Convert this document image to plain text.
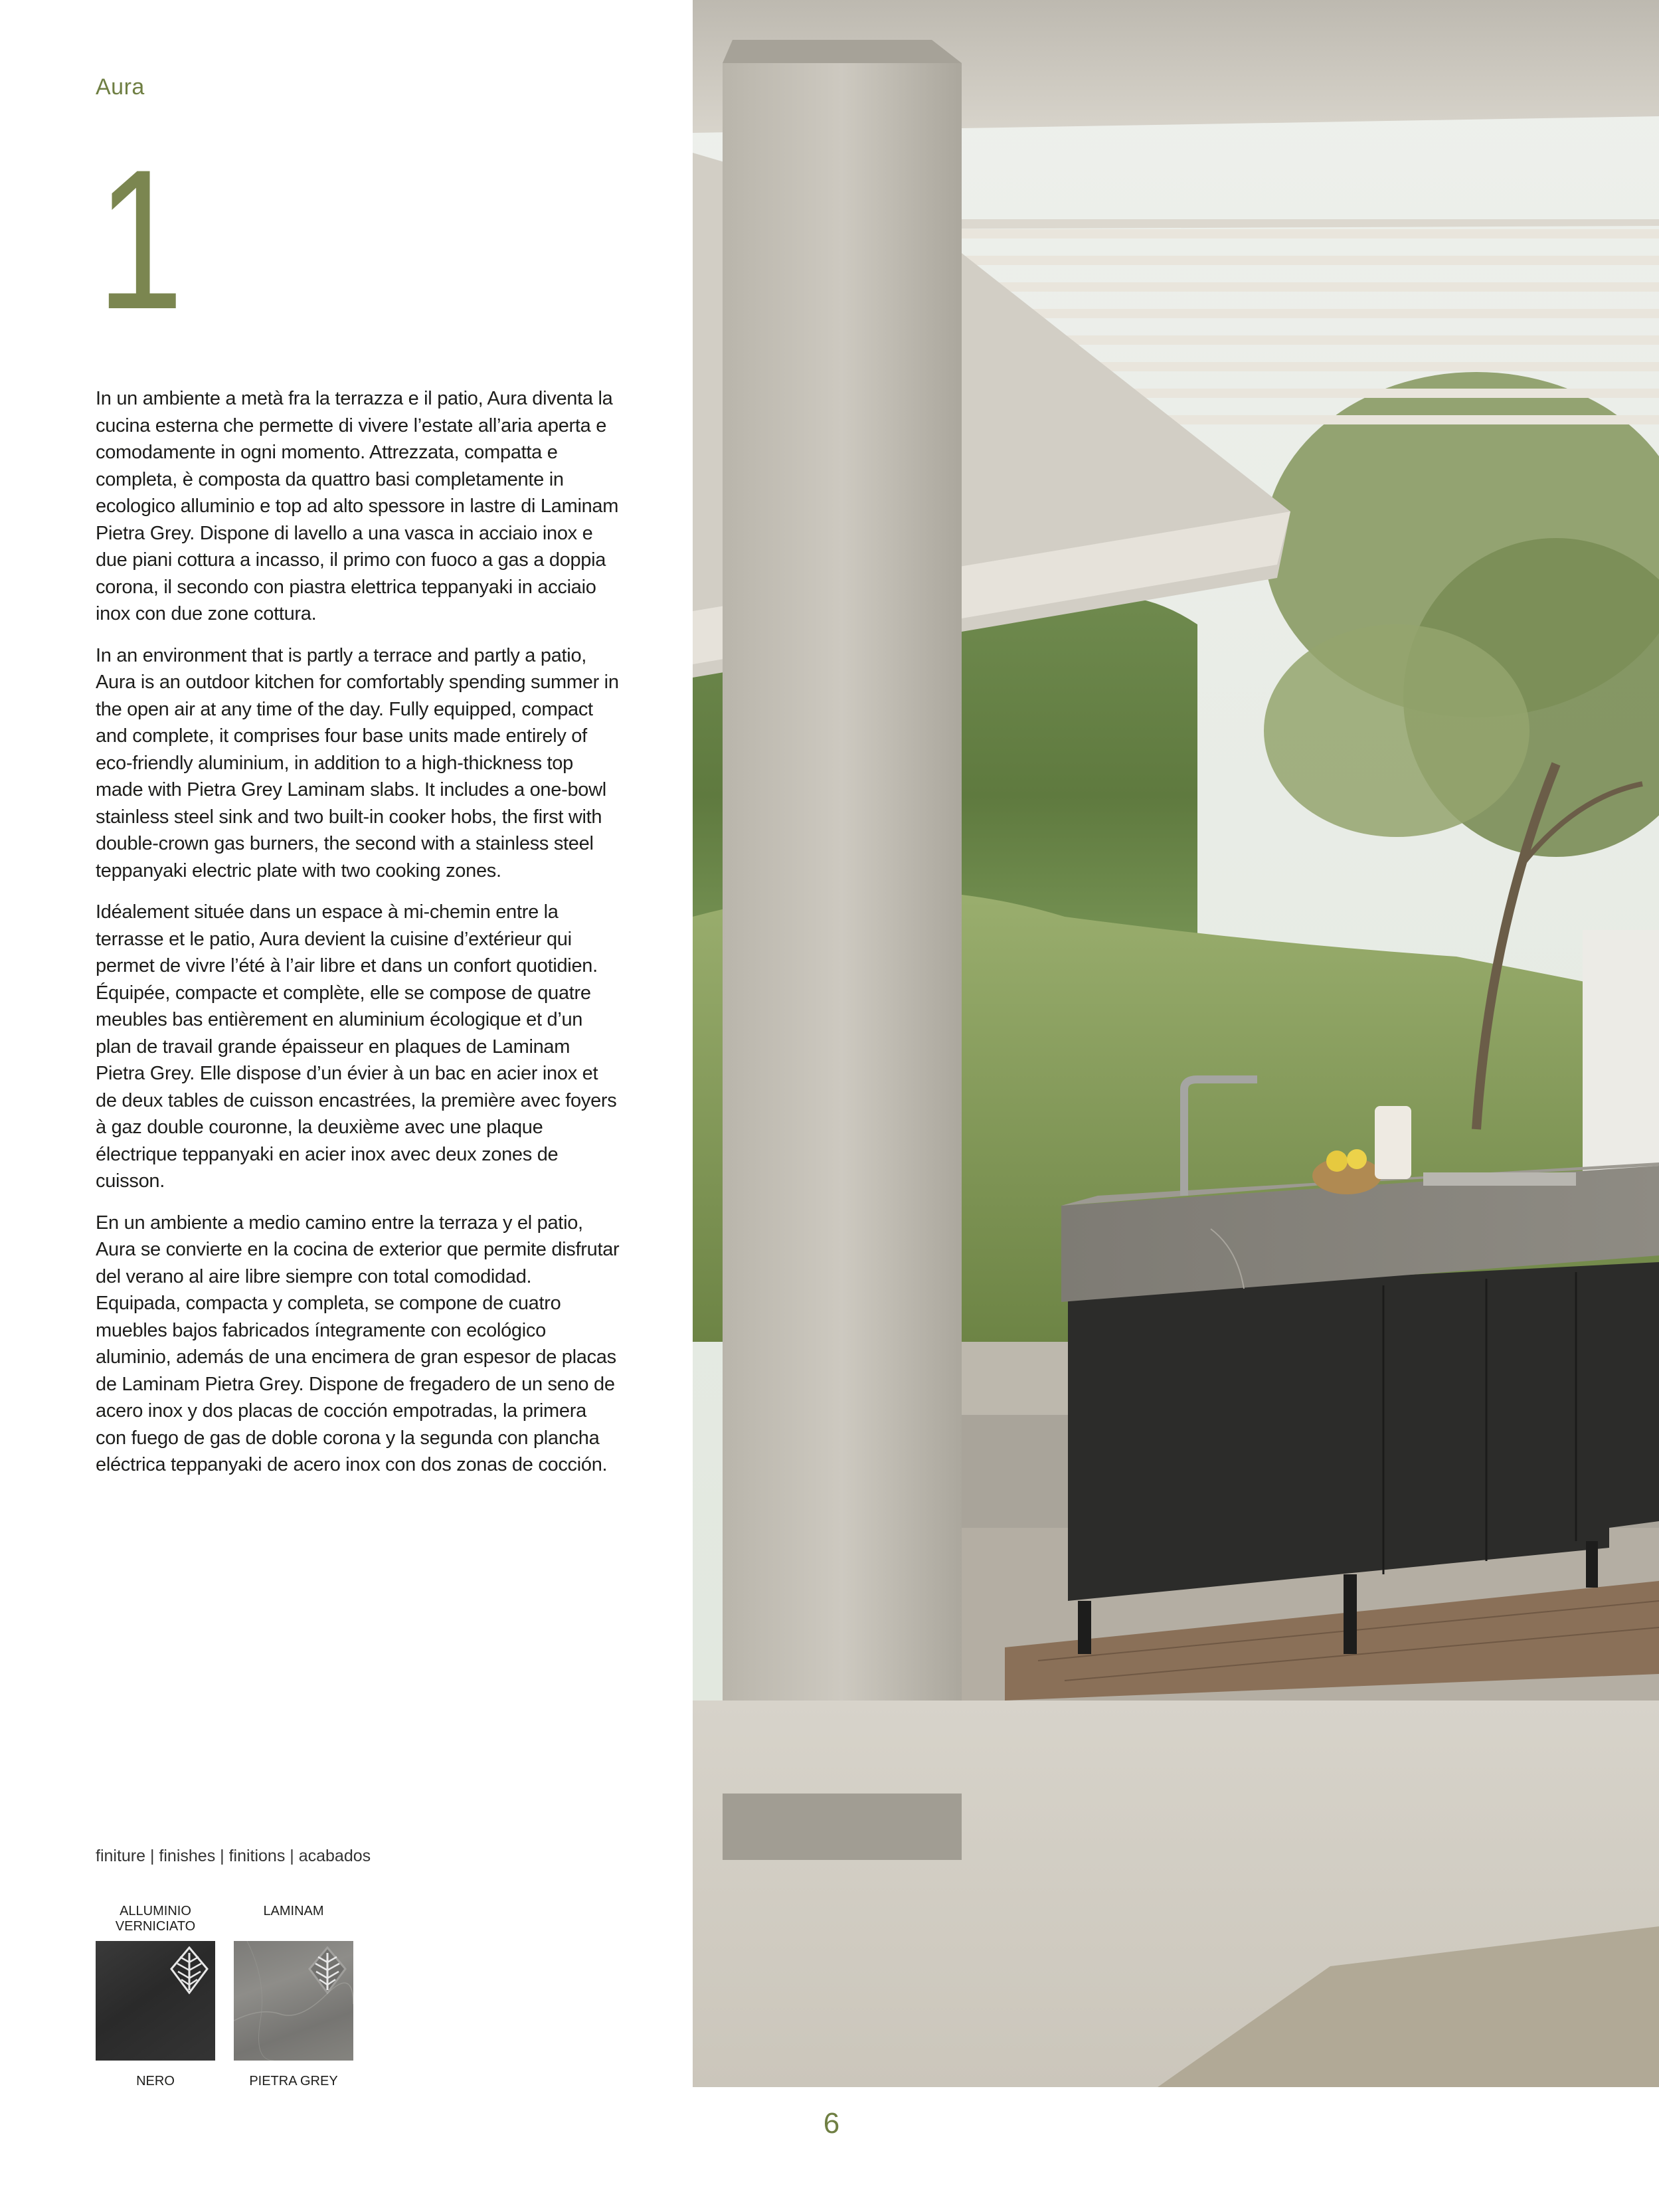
Aura
1

In un ambiente a metà fra la terrazza e il patio, Aura diventa la cucina esterna che permette di vivere l’estate all’aria aperta e comodamente in ogni momento. Attrezzata, compatta e completa, è composta da quattro basi completamente in ecologico alluminio e top ad alto spessore in lastre di Laminam Pietra Grey. Dispone di lavello a una vasca in acciaio inox e due piani cottura a incasso, il primo con fuoco a gas a doppia corona, il secondo con piastra elettrica teppanyaki in acciaio inox con due zone cottura.

In an environment that is partly a terrace and partly a patio, Aura is an outdoor kitchen for comfortably spending summer in the open air at any time of the day. Fully equipped, compact and complete, it comprises four base units made entirely of eco-friendly aluminium, in addition to a high-thickness top made with Pietra Grey Laminam slabs. It includes a one-bowl stainless steel sink and two built-in cooker hobs, the first with double-crown gas burners, the second with a stainless steel teppanyaki electric plate with two cooking zones.

Idéalement située dans un espace à mi-chemin entre la terrasse et le patio, Aura devient la cuisine d’extérieur qui permet de vivre l’été à l’air libre et dans un confort quotidien. Équipée, compacte et complète, elle se compose de quatre meubles bas entièrement en aluminium écologique et d’un plan de travail grande épaisseur en plaques de Laminam Pietra Grey. Elle dispose d’un évier à un bac en acier inox et de deux tables de cuisson encastrées, la première avec foyers à gaz double couronne, la deuxième avec une plaque électrique teppanyaki en acier inox avec deux zones de cuisson.

En un ambiente a medio camino entre la terraza y el patio, Aura se convierte en la cocina de exterior que permite disfrutar del verano al aire libre siempre con total comodidad. Equipada, compacta y completa, se compone de cuatro muebles bajos fabricados íntegramente con ecológico aluminio, además de una encimera de gran espesor de placas de Laminam Pietra Grey. Dispone de fregadero de un seno de acero inox y dos placas de cocción empotradas, la primera con fuego de gas de doble corona y la segunda con plancha eléctrica teppanyaki de acero inox con dos zonas de cocción.

finiture | finishes | finitions | acabados
ALLUMINIO VERNICIATO
LAMINAM
NERO	PIETRA GREY
6
